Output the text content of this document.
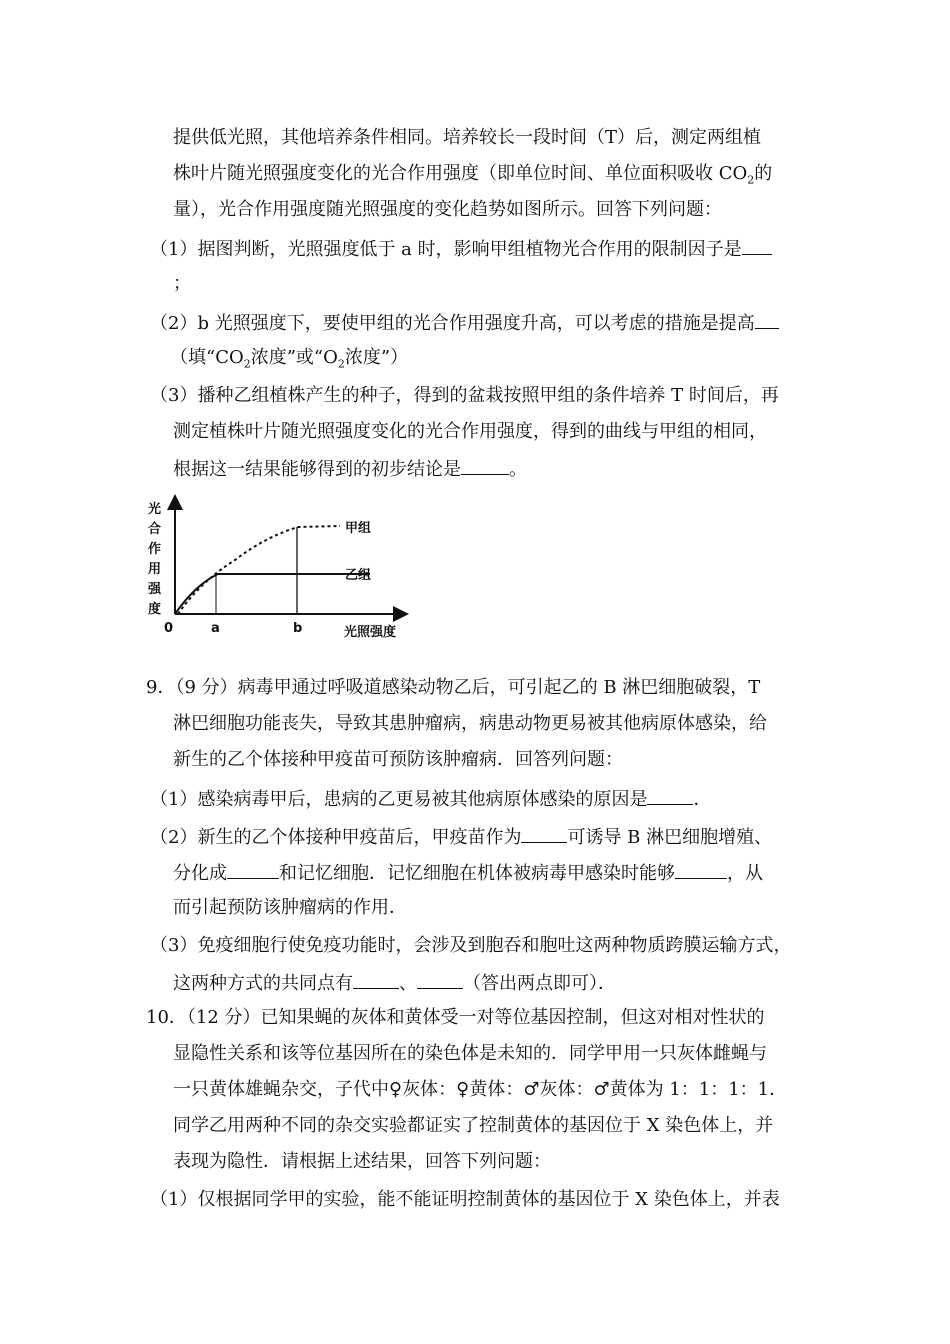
提供低光照，其他培养条件相同。培养较长一段时间（T）后，测定两组植
株叶片随光照强度变化的光合作用强度（即单位时间、单位面积吸收 $CO_2$的
量），光合作用强度随光照强度的变化趋势如图所示。回答下列问题：
（1）据图判断，光照强度低于 a 时，影响甲组植物光合作用的限制因子是
；
（2）b 光照强度下，要使甲组的光合作用强度升高，可以考虑的措施是提高
（填“$CO_2$浓度”或“$O_2$浓度”）
（3）播种乙组植株产生的种子，得到的盆栽按照甲组的条件培养 T 时间后，再
测定植株叶片随光照强度变化的光合作用强度，得到的曲线与甲组的相同，
根据这一结果能够得到的初步结论是	。
光
合
作
用
强
度
甲组
乙组
0	a	b	光照强度
9．（9 分）病毒甲通过呼吸道感染动物乙后，可引起乙的 B 淋巴细胞破裂，T
淋巴细胞功能丧失，导致其患肿瘤病，病患动物更易被其他病原体感染，给
新生的乙个体接种甲疫苗可预防该肿瘤病．回答列问题：
（1）感染病毒甲后，患病的乙更易被其他病原体感染的原因是	．
（2）新生的乙个体接种甲疫苗后，甲疫苗作为	可诱导 B 淋巴细胞增殖、
分化成	和记忆细胞．记忆细胞在机体被病毒甲感染时能够	，从
而引起预防该肿瘤病的作用．
（3）免疫细胞行使免疫功能时，会涉及到胞吞和胞吐这两种物质跨膜运输方式，
这两种方式的共同点有	、	（答出两点即可）．
10．（12 分）已知果蝇的灰体和黄体受一对等位基因控制，但这对相对性状的
显隐性关系和该等位基因所在的染色体是未知的．同学甲用一只灰体雌蝇与
一只黄体雄蝇杂交，子代中♀灰体：♀黄体：♂灰体：♂黄体为 1：1：1：1．
同学乙用两种不同的杂交实验都证实了控制黄体的基因位于 X 染色体上，并
表现为隐性．请根据上述结果，回答下列问题：
（1）仅根据同学甲的实验，能不能证明控制黄体的基因位于 X 染色体上，并表
